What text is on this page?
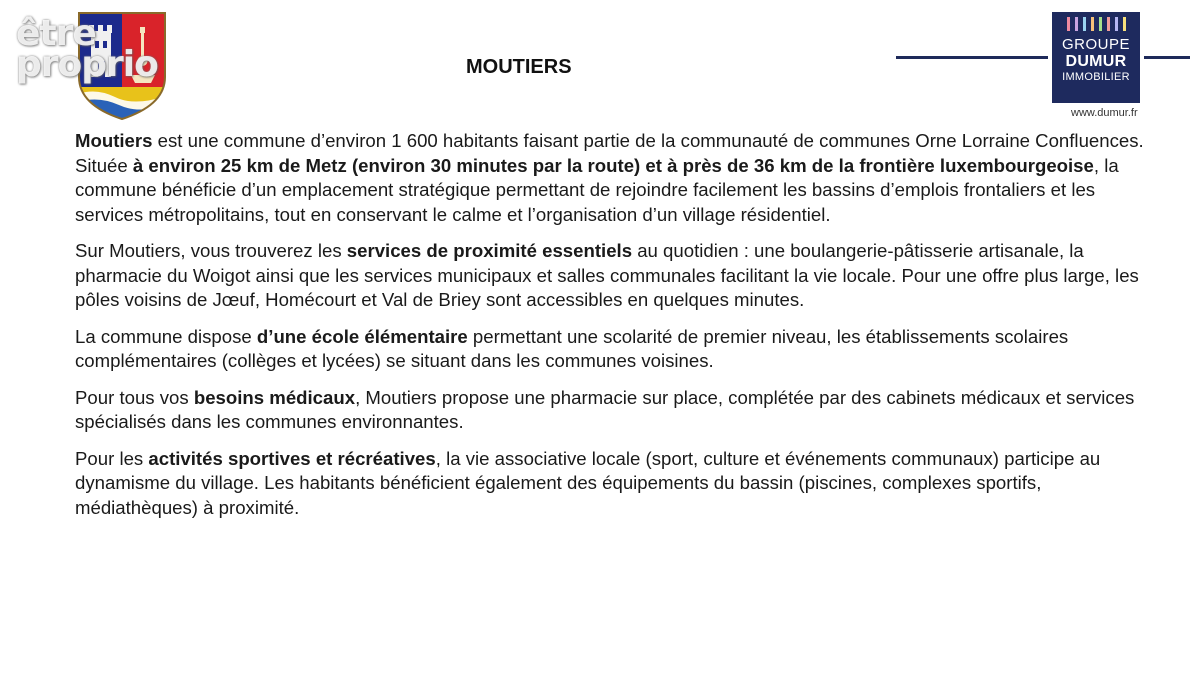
être
proprio	MOUTIERS
GROUPE
DUMUR
IMMOBILIER
www.dumur.fr

Moutiers est une commune d’environ 1 600 habitants faisant partie de la communauté de communes Orne Lorraine Confluences. Située à environ 25 km de Metz (environ 30 minutes par la route) et à près de 36 km de la frontière luxembourgeoise, la commune bénéficie d’un emplacement stratégique permettant de rejoindre facilement les bassins d’emplois frontaliers et les services métropolitains, tout en conservant le calme et l’organisation d’un village résidentiel.

Sur Moutiers, vous trouverez les services de proximité essentiels au quotidien : une boulangerie-pâtisserie artisanale, la pharmacie du Woigot ainsi que les services municipaux et salles communales facilitant la vie locale. Pour une offre plus large, les pôles voisins de Jœuf, Homécourt et Val de Briey sont accessibles en quelques minutes.

La commune dispose d’une école élémentaire permettant une scolarité de premier niveau, les établissements scolaires complémentaires (collèges et lycées) se situant dans les communes voisines.

Pour tous vos besoins médicaux, Moutiers propose une pharmacie sur place, complétée par des cabinets médicaux et services spécialisés dans les communes environnantes.

Pour les activités sportives et récréatives, la vie associative locale (sport, culture et événements communaux) participe au dynamisme du village. Les habitants bénéficient également des équipements du bassin (piscines, complexes sportifs, médiathèques) à proximité.
